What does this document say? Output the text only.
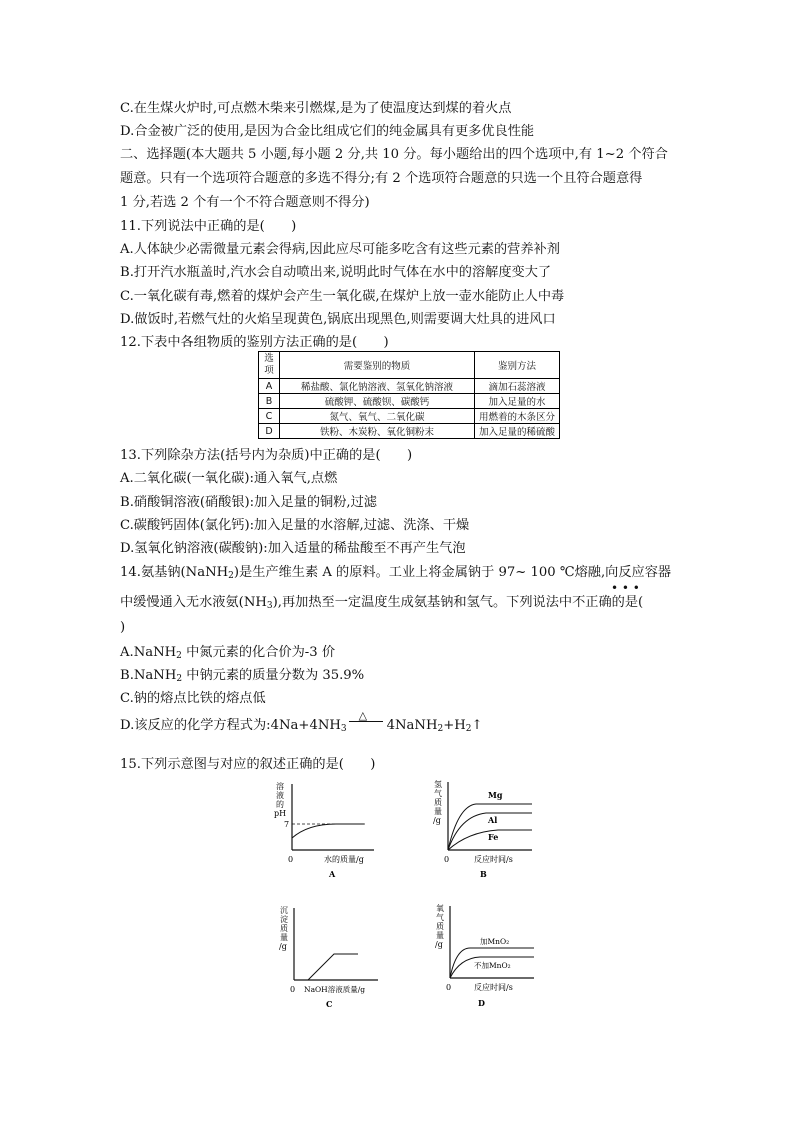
C.在生煤火炉时,可点燃木柴来引燃煤,是为了使温度达到煤的着火点
D.合金被广泛的使用,是因为合金比组成它们的纯金属具有更多优良性能
二、选择题(本大题共 5 小题,每小题 2 分,共 10 分。每小题给出的四个选项中,有 1~2 个符合
题意。只有一个选项符合题意的多选不得分;有 2 个选项符合题意的只选一个且符合题意得
1 分,若选 2 个有一个不符合题意则不得分)
11.下列说法中正确的是(　　)
A.人体缺少必需微量元素会得病,因此应尽可能多吃含有这些元素的营养补剂
B.打开汽水瓶盖时,汽水会自动喷出来,说明此时气体在水中的溶解度变大了
C.一氧化碳有毒,燃着的煤炉会产生一氧化碳,在煤炉上放一壶水能防止人中毒
D.做饭时,若燃气灶的火焰呈现黄色,锅底出现黑色,则需要调大灶具的进风口
12.下表中各组物质的鉴别方法正确的是(　　)
选项	需要鉴别的物质	鉴别方法
A	稀盐酸、氯化钠溶液、氢氧化钠溶液	滴加石蕊溶液
B	硫酸钾、硫酸钡、碳酸钙	加入足量的水
C	氮气、氧气、二氧化碳	用燃着的木条区分
D	铁粉、木炭粉、氧化铜粉末	加入足量的稀硫酸
13.下列除杂方法(括号内为杂质)中正确的是(　　)
A.二氧化碳(一氧化碳):通入氧气,点燃
B.硝酸铜溶液(硝酸银):加入足量的铜粉,过滤
C.碳酸钙固体(氯化钙):加入足量的水溶解,过滤、洗涤、干燥
D.氢氧化钠溶液(碳酸钠):加入适量的稀盐酸至不再产生气泡
14.氨基钠(NaNH$_2$)是生产维生素 A 的原料。工业上将金属钠于 97~ 100 ℃熔融,向反应容器
• • •
中缓慢通入无水液氨$(NH_3)$,再加热至一定温度生成氨基钠和氢气。下列说法中不正确的是(
)
A.NaNH$_2$ 中氮元素的化合价为-3 价
B.NaNH$_2$ 中钠元素的质量分数为 35.9%
C.钠的熔点比铁的熔点低
D.该反应的化学方程式为$:4Na+4NH_3$
△
$4NaNH_2+H_2↑$
15.下列示意图与对应的叙述正确的是(　　)
溶
液
的
pH
7
0	水的质量/g
A
氢
气
质
量
/g
Mg
Al
Fe
0	反应时间/s
B
沉
淀
质
量
/g
0 NaOH溶液质量/g
C
氧
气
质
量
/g	加MnO₂
不加MnO₂
0	反应时间/s
D
